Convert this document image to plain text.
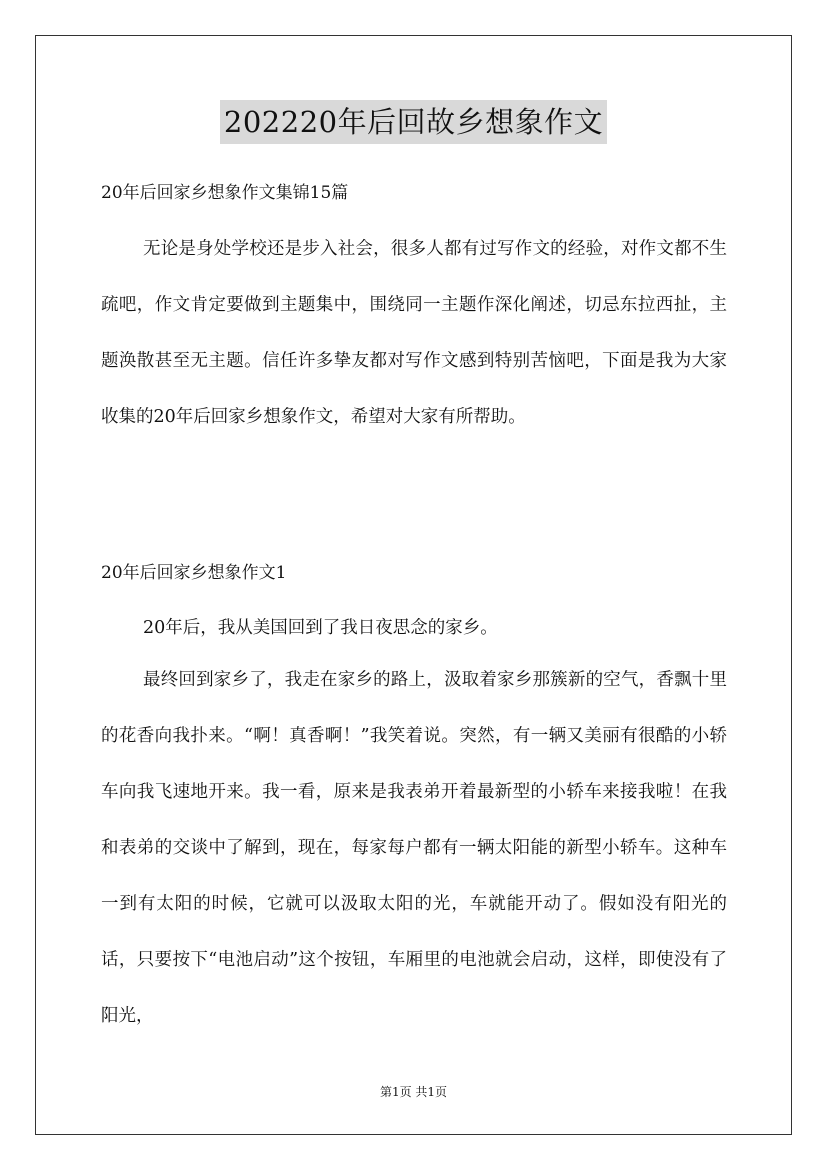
202220年后回故乡想象作文
20年后回家乡想象作文集锦15篇

无论是身处学校还是步入社会，很多人都有过写作文的经验，对作文都不生疏吧，作文肯定要做到主题集中，围绕同一主题作深化阐述，切忌东拉西扯，主题涣散甚至无主题。信任许多挚友都对写作文感到特别苦恼吧，下面是我为大家收集的20年后回家乡想象作文，希望对大家有所帮助。

20年后回家乡想象作文1

20年后，我从美国回到了我日夜思念的家乡。

最终回到家乡了，我走在家乡的路上，汲取着家乡那簇新的空气，香飘十里的花香向我扑来。“啊！真香啊！”我笑着说。突然，有一辆又美丽有很酷的小轿车向我飞速地开来。我一看，原来是我表弟开着最新型的小轿车来接我啦！在我和表弟的交谈中了解到，现在，每家每户都有一辆太阳能的新型小轿车。这种车一到有太阳的时候，它就可以汲取太阳的光，车就能开动了。假如没有阳光的话，只要按下“电池启动”这个按钮，车厢里的电池就会启动，这样，即使没有了阳光，

第1页 共1页
